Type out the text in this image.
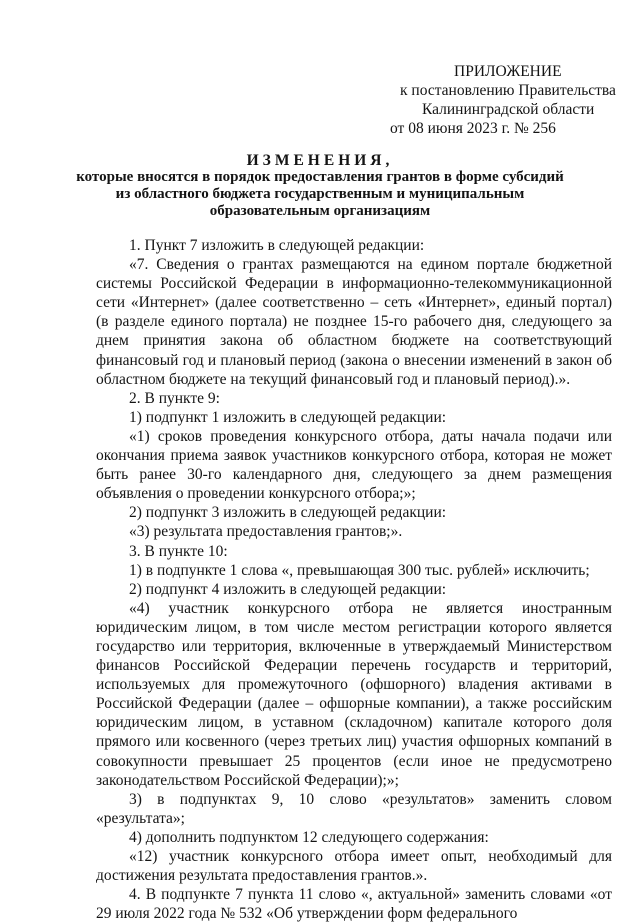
ПРИЛОЖЕНИЕ
к постановлению Правительства
Калининградской области
от 08 июня 2023 г. № 256
ИЗМЕНЕНИЯ,
которые вносятся в порядок предоставления грантов в форме субсидий
из областного бюджета государственным и муниципальным
образовательным организациям

1. Пункт 7 изложить в следующей редакции:

«7. Сведения о грантах размещаются на едином портале бюджетной системы Российской Федерации в информационно-телекоммуникационной сети «Интернет» (далее соответственно – сеть «Интернет», единый портал) (в разделе единого портала) не позднее 15-го рабочего дня, следующего за днем принятия закона об областном бюджете на соответствующий финансовый год и плановый период (закона о внесении изменений в закон об областном бюджете на текущий финансовый год и плановый период).».

2. В пункте 9:

1) подпункт 1 изложить в следующей редакции:

«1) сроков проведения конкурсного отбора, даты начала подачи или окончания приема заявок участников конкурсного отбора, которая не может быть ранее 30-го календарного дня, следующего за днем размещения объявления о проведении конкурсного отбора;»;

2) подпункт 3 изложить в следующей редакции:

«3) результата предоставления грантов;».

3. В пункте 10:

1) в подпункте 1 слова «, превышающая 300 тыс. рублей» исключить;

2) подпункт 4 изложить в следующей редакции:

«4) участник конкурсного отбора не является иностранным юридическим лицом, в том числе местом регистрации которого является государство или территория, включенные в утверждаемый Министерством финансов Российской Федерации перечень государств и территорий, используемых для промежуточного (офшорного) владения активами в Российской Федерации (далее – офшорные компании), а также российским юридическим лицом, в уставном (складочном) капитале которого доля прямого или косвенного (через третьих лиц) участия офшорных компаний в совокупности превышает 25 процентов (если иное не предусмотрено законодательством Российской Федерации);»;

3) в подпунктах 9, 10 слово «результатов» заменить словом «результата»;

4) дополнить подпунктом 12 следующего содержания:

«12) участник конкурсного отбора имеет опыт, необходимый для достижения результата предоставления грантов.».

4. В подпункте 7 пункта 11 слово «, актуальной» заменить словами «от 29 июля 2022 года № 532 «Об утверждении форм федерального
